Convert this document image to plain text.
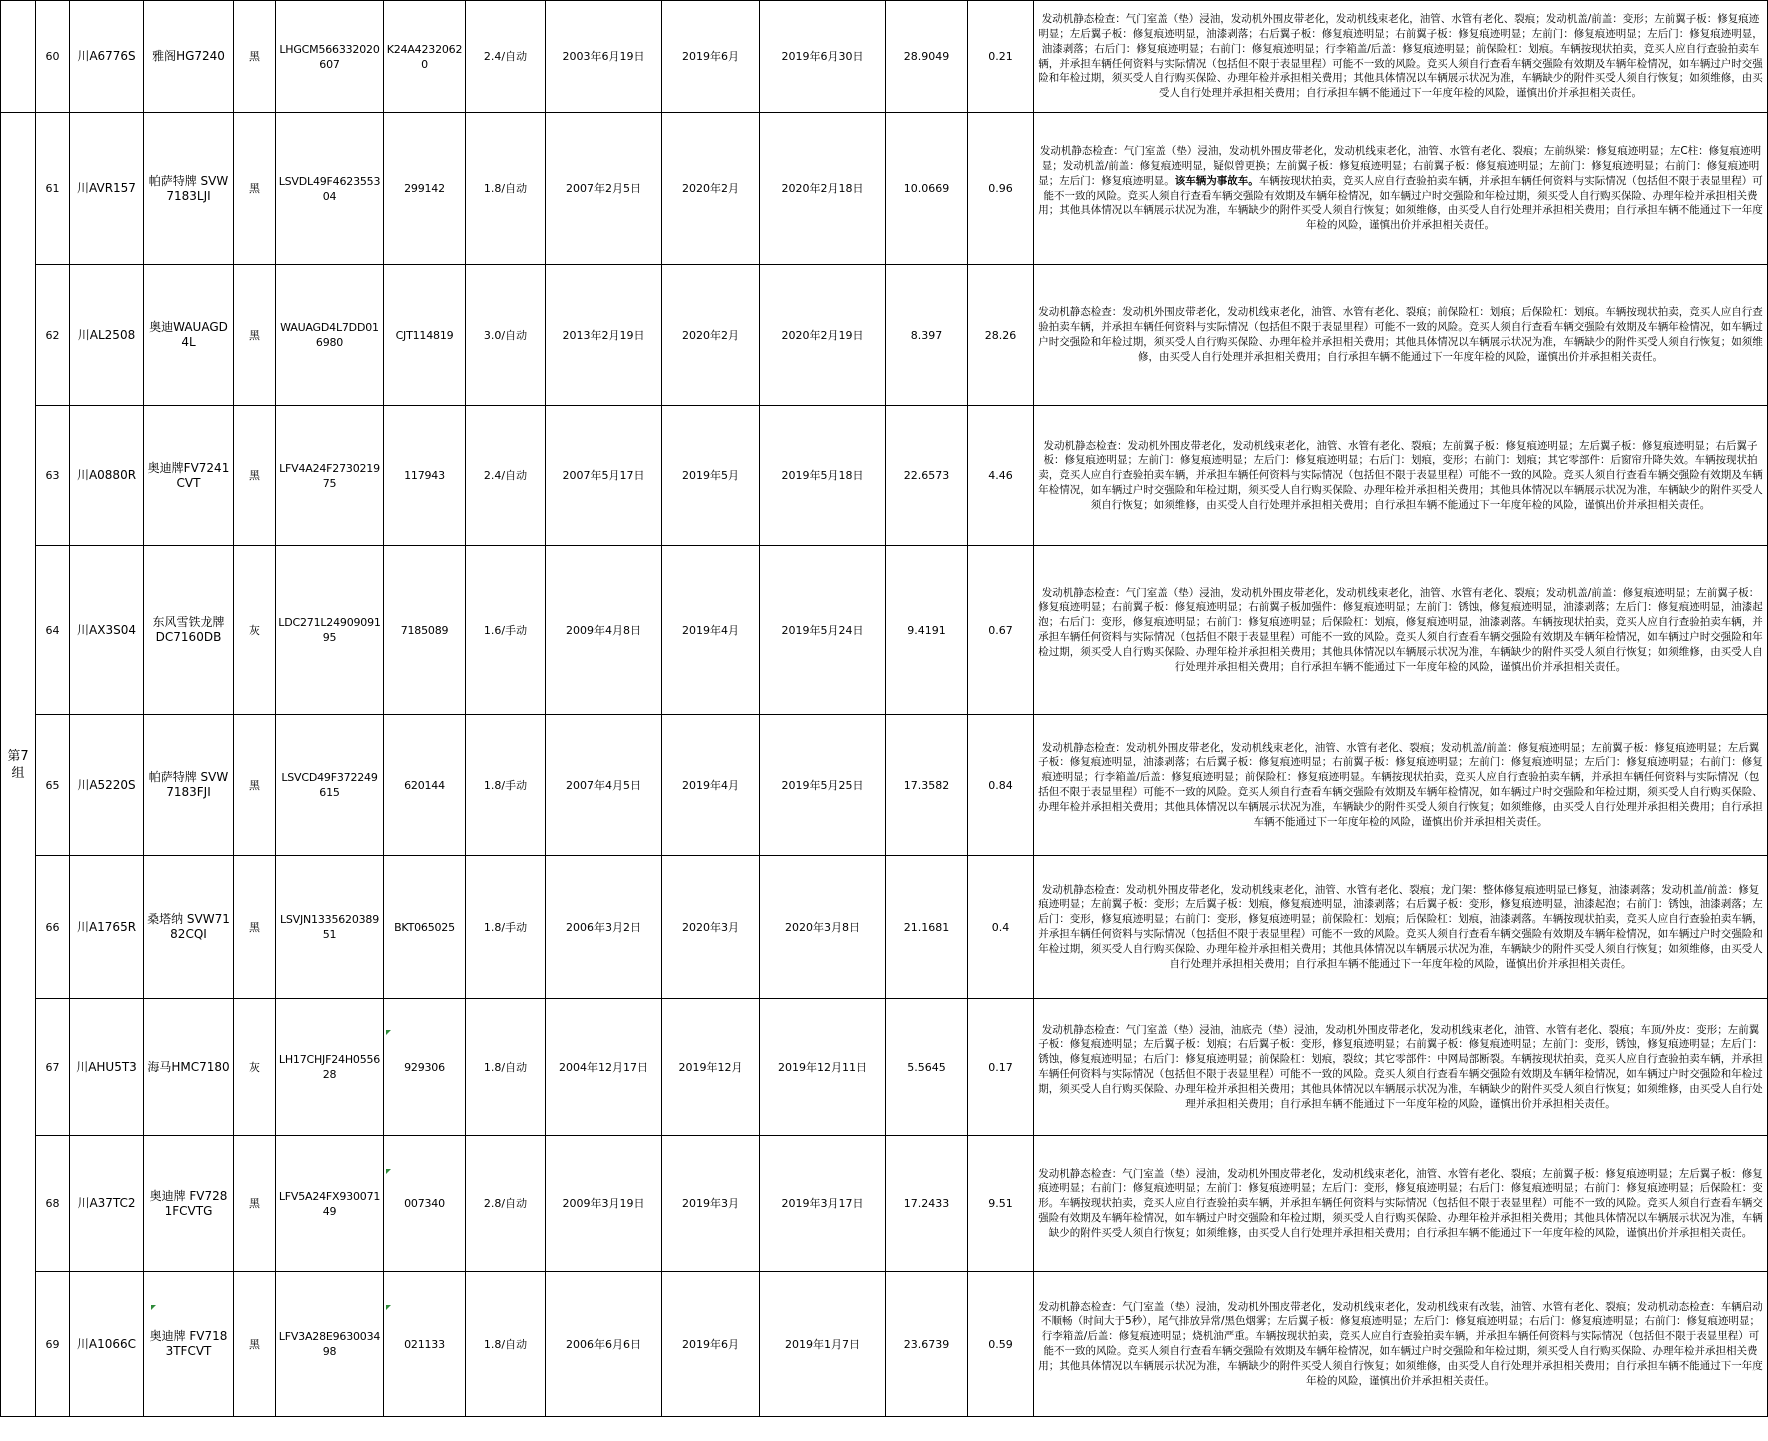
	60	川A6776S	雅阁HG7240	黑	LHGCM566332020607	K24A42320620	2.4/自动	2003年6月19日	2019年6月	2019年6月30日	28.9049	0.21	发动机静态检查：气门室盖（垫）浸油，发动机外围皮带老化，发动机线束老化，油管、水管有老化、裂痕；发动机盖/前盖：变形；左前翼子板：修复痕迹明显；左后翼子板：修复痕迹明显，油漆剥落；右后翼子板：修复痕迹明显；右前翼子板：修复痕迹明显；左前门：修复痕迹明显；左后门：修复痕迹明显，油漆剥落；右后门：修复痕迹明显；右前门：修复痕迹明显；行李箱盖/后盖：修复痕迹明显；前保险杠：划痕。车辆按现状拍卖，竞买人应自行查验拍卖车辆，并承担车辆任何资料与实际情况（包括但不限于表显里程）可能不一致的风险。竞买人须自行查看车辆交强险有效期及车辆年检情况，如车辆过户时交强险和年检过期，须买受人自行购买保险、办理年检并承担相关费用；其他具体情况以车辆展示状况为准，车辆缺少的附件买受人须自行恢复；如须维修，由买受人自行处理并承担相关费用；自行承担车辆不能通过下一年度年检的风险，谨慎出价并承担相关责任。
第7组	61	川AVR157	帕萨特牌 SVW7183LJI	黑	LSVDL49F462355304	299142	1.8/自动	2007年2月5日	2020年2月	2020年2月18日	10.0669	0.96	发动机静态检查：气门室盖（垫）浸油，发动机外围皮带老化，发动机线束老化，油管、水管有老化、裂痕；左前纵梁：修复痕迹明显；左C柱：修复痕迹明显；发动机盖/前盖：修复痕迹明显，疑似曾更换；左前翼子板：修复痕迹明显；右前翼子板：修复痕迹明显；左前门：修复痕迹明显；右前门：修复痕迹明显；左后门：修复痕迹明显。该车辆为事故车。车辆按现状拍卖，竞买人应自行查验拍卖车辆，并承担车辆任何资料与实际情况（包括但不限于表显里程）可能不一致的风险。竞买人须自行查看车辆交强险有效期及车辆年检情况，如车辆过户时交强险和年检过期，须买受人自行购买保险、办理年检并承担相关费用；其他具体情况以车辆展示状况为准，车辆缺少的附件买受人须自行恢复；如须维修，由买受人自行处理并承担相关费用；自行承担车辆不能通过下一年度年检的风险，谨慎出价并承担相关责任。
	62	川AL2508	奥迪WAUAGD4L	黑	WAUAGD4L7DD016980	CJT114819	3.0/自动	2013年2月19日	2020年2月	2020年2月19日	8.397	28.26	发动机静态检查：发动机外围皮带老化，发动机线束老化，油管、水管有老化、裂痕；前保险杠：划痕；后保险杠：划痕。车辆按现状拍卖，竞买人应自行查验拍卖车辆，并承担车辆任何资料与实际情况（包括但不限于表显里程）可能不一致的风险。竞买人须自行查看车辆交强险有效期及车辆年检情况，如车辆过户时交强险和年检过期，须买受人自行购买保险、办理年检并承担相关费用；其他具体情况以车辆展示状况为准，车辆缺少的附件买受人须自行恢复；如须维修，由买受人自行处理并承担相关费用；自行承担车辆不能通过下一年度年检的风险，谨慎出价并承担相关责任。
	63	川A0880R	奥迪牌FV7241CVT	黑	LFV4A24F273021975	117943	2.4/自动	2007年5月17日	2019年5月	2019年5月18日	22.6573	4.46	发动机静态检查：发动机外围皮带老化，发动机线束老化，油管、水管有老化、裂痕；左前翼子板：修复痕迹明显；左后翼子板：修复痕迹明显；右后翼子板：修复痕迹明显；左前门：修复痕迹明显；左后门：修复痕迹明显；右后门：划痕，变形；右前门：划痕；其它零部件：后窗帘升降失效。车辆按现状拍卖，竞买人应自行查验拍卖车辆，并承担车辆任何资料与实际情况（包括但不限于表显里程）可能不一致的风险。竞买人须自行查看车辆交强险有效期及车辆年检情况，如车辆过户时交强险和年检过期，须买受人自行购买保险、办理年检并承担相关费用；其他具体情况以车辆展示状况为准，车辆缺少的附件买受人须自行恢复；如须维修，由买受人自行处理并承担相关费用；自行承担车辆不能通过下一年度年检的风险，谨慎出价并承担相关责任。
	64	川AX3S04	东风雪铁龙牌 DC7160DB	灰	LDC271L2490909195	7185089	1.6/手动	2009年4月8日	2019年4月	2019年5月24日	9.4191	0.67	发动机静态检查：气门室盖（垫）浸油，发动机外围皮带老化，发动机线束老化，油管、水管有老化、裂痕；发动机盖/前盖：修复痕迹明显；左前翼子板：修复痕迹明显；右前翼子板：修复痕迹明显；右前翼子板加强件：修复痕迹明显；左前门：锈蚀，修复痕迹明显，油漆剥落；左后门：修复痕迹明显，油漆起泡；右后门：变形，修复痕迹明显；右前门：修复痕迹明显；后保险杠：划痕，修复痕迹明显，油漆剥落。车辆按现状拍卖，竞买人应自行查验拍卖车辆，并承担车辆任何资料与实际情况（包括但不限于表显里程）可能不一致的风险。竞买人须自行查看车辆交强险有效期及车辆年检情况，如车辆过户时交强险和年检过期，须买受人自行购买保险、办理年检并承担相关费用；其他具体情况以车辆展示状况为准，车辆缺少的附件买受人须自行恢复；如须维修，由买受人自行处理并承担相关费用；自行承担车辆不能通过下一年度年检的风险，谨慎出价并承担相关责任。
	65	川A5220S	帕萨特牌 SVW7183FJI	黑	LSVCD49F372249615	620144	1.8/手动	2007年4月5日	2019年4月	2019年5月25日	17.3582	0.84	发动机静态检查：发动机外围皮带老化，发动机线束老化，油管、水管有老化、裂痕；发动机盖/前盖：修复痕迹明显；左前翼子板：修复痕迹明显；左后翼子板：修复痕迹明显，油漆剥落；右后翼子板：修复痕迹明显；右前翼子板：修复痕迹明显；左前门：修复痕迹明显；左后门：修复痕迹明显；右前门：修复痕迹明显；行李箱盖/后盖：修复痕迹明显；前保险杠：修复痕迹明显。车辆按现状拍卖，竞买人应自行查验拍卖车辆，并承担车辆任何资料与实际情况（包括但不限于表显里程）可能不一致的风险。竞买人须自行查看车辆交强险有效期及车辆年检情况，如车辆过户时交强险和年检过期，须买受人自行购买保险、办理年检并承担相关费用；其他具体情况以车辆展示状况为准，车辆缺少的附件买受人须自行恢复；如须维修，由买受人自行处理并承担相关费用；自行承担车辆不能通过下一年度年检的风险，谨慎出价并承担相关责任。
	66	川A1765R	桑塔纳 SVW7182CQI	黑	LSVJN133562038951	BKT065025	1.8/手动	2006年3月2日	2020年3月	2020年3月8日	21.1681	0.4	发动机静态检查：发动机外围皮带老化，发动机线束老化，油管、水管有老化、裂痕；龙门架：整体修复痕迹明显已修复，油漆剥落；发动机盖/前盖：修复痕迹明显；左前翼子板：变形；左后翼子板：划痕，修复痕迹明显，油漆剥落；右后翼子板：变形，修复痕迹明显，油漆起泡；右前门：锈蚀，油漆剥落；左后门：变形，修复痕迹明显；右前门：变形，修复痕迹明显；前保险杠：划痕；后保险杠：划痕，油漆剥落。车辆按现状拍卖，竞买人应自行查验拍卖车辆，并承担车辆任何资料与实际情况（包括但不限于表显里程）可能不一致的风险。竞买人须自行查看车辆交强险有效期及车辆年检情况，如车辆过户时交强险和年检过期，须买受人自行购买保险、办理年检并承担相关费用；其他具体情况以车辆展示状况为准，车辆缺少的附件买受人须自行恢复；如须维修，由买受人自行处理并承担相关费用；自行承担车辆不能通过下一年度年检的风险，谨慎出价并承担相关责任。
	67	川AHU5T3	海马HMC7180	灰	LH17CHJF24H055628	929306	1.8/自动	2004年12月17日	2019年12月	2019年12月11日	5.5645	0.17	发动机静态检查：气门室盖（垫）浸油，油底壳（垫）浸油，发动机外围皮带老化，发动机线束老化，油管、水管有老化、裂痕；车顶/外皮：变形；左前翼子板：修复痕迹明显；左后翼子板：划痕；右后翼子板：变形，修复痕迹明显；右前翼子板：修复痕迹明显；左前门：变形，锈蚀，修复痕迹明显；左后门：锈蚀，修复痕迹明显；右后门：修复痕迹明显；前保险杠：划痕，裂纹；其它零部件：中网局部断裂。车辆按现状拍卖，竞买人应自行查验拍卖车辆，并承担车辆任何资料与实际情况（包括但不限于表显里程）可能不一致的风险。竞买人须自行查看车辆交强险有效期及车辆年检情况，如车辆过户时交强险和年检过期，须买受人自行购买保险、办理年检并承担相关费用；其他具体情况以车辆展示状况为准，车辆缺少的附件买受人须自行恢复；如须维修，由买受人自行处理并承担相关费用；自行承担车辆不能通过下一年度年检的风险，谨慎出价并承担相关责任。
	68	川A37TC2	奥迪牌 FV7281FCVTG	黑	LFV5A24FX93007149	007340	2.8/自动	2009年3月19日	2019年3月	2019年3月17日	17.2433	9.51	发动机静态检查：气门室盖（垫）浸油，发动机外围皮带老化，发动机线束老化，油管、水管有老化、裂痕；左前翼子板：修复痕迹明显；左后翼子板：修复痕迹明显；右前门：修复痕迹明显；左前门：修复痕迹明显；左后门：变形，修复痕迹明显；右后门：修复痕迹明显；右前门：修复痕迹明显；后保险杠：变形。车辆按现状拍卖，竞买人应自行查验拍卖车辆，并承担车辆任何资料与实际情况（包括但不限于表显里程）可能不一致的风险。竞买人须自行查看车辆交强险有效期及车辆年检情况，如车辆过户时交强险和年检过期，须买受人自行购买保险、办理年检并承担相关费用；其他具体情况以车辆展示状况为准，车辆缺少的附件买受人须自行恢复；如须维修，由买受人自行处理并承担相关费用；自行承担车辆不能通过下一年度年检的风险，谨慎出价并承担相关责任。
	69	川A1066C	奥迪牌 FV7183TFCVT	黑	LFV3A28E963003498	021133	1.8/自动	2006年6月6日	2019年6月	2019年1月7日	23.6739	0.59	发动机静态检查：气门室盖（垫）浸油，发动机外围皮带老化，发动机线束老化，发动机线束有改装，油管、水管有老化、裂痕；发动机动态检查：车辆启动不顺畅（时间大于5秒），尾气排放异常/黑色烟雾；左后翼子板：修复痕迹明显；左后门：修复痕迹明显；右后门：修复痕迹明显；右前门：修复痕迹明显；行李箱盖/后盖：修复痕迹明显；烧机油严重。车辆按现状拍卖，竞买人应自行查验拍卖车辆，并承担车辆任何资料与实际情况（包括但不限于表显里程）可能不一致的风险。竞买人须自行查看车辆交强险有效期及车辆年检情况，如车辆过户时交强险和年检过期，须买受人自行购买保险、办理年检并承担相关费用；其他具体情况以车辆展示状况为准，车辆缺少的附件买受人须自行恢复；如须维修，由买受人自行处理并承担相关费用；自行承担车辆不能通过下一年度年检的风险，谨慎出价并承担相关责任。
